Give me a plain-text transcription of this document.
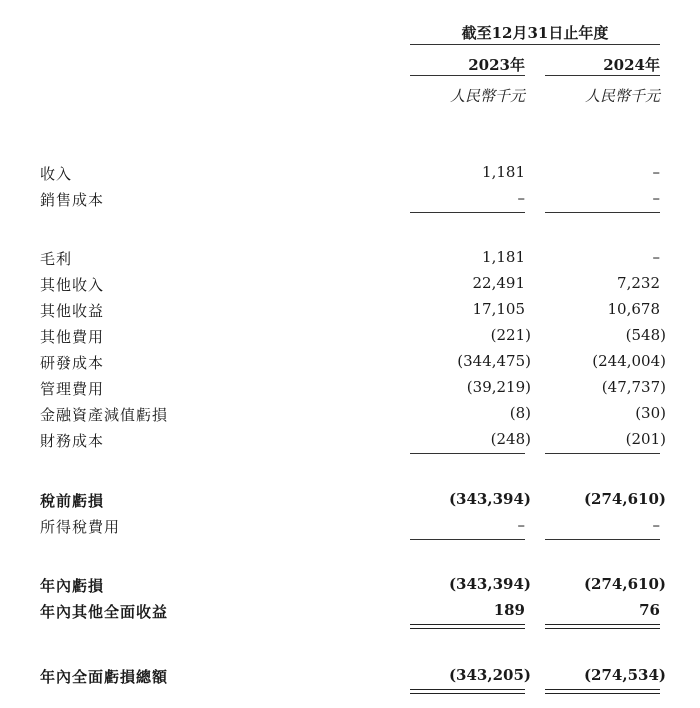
截至12月31日止年度
2023年	2024年
人民幣千元	人民幣千元
收入	1,181	–
銷售成本	–	–
毛利	1,181	–
其他收入	22,491	7,232
其他收益	17,105	10,678
其他費用	(221)	(548)
研發成本	(344,475)	(244,004)
管理費用	(39,219)	(47,737)
金融資產減值虧損	(8)	(30)
財務成本	(248)	(201)
稅前虧損	(343,394)	(274,610)
所得稅費用	–	–
年內虧損	(343,394)	(274,610)
年內其他全面收益	189	76
年內全面虧損總額	(343,205)	(274,534)
